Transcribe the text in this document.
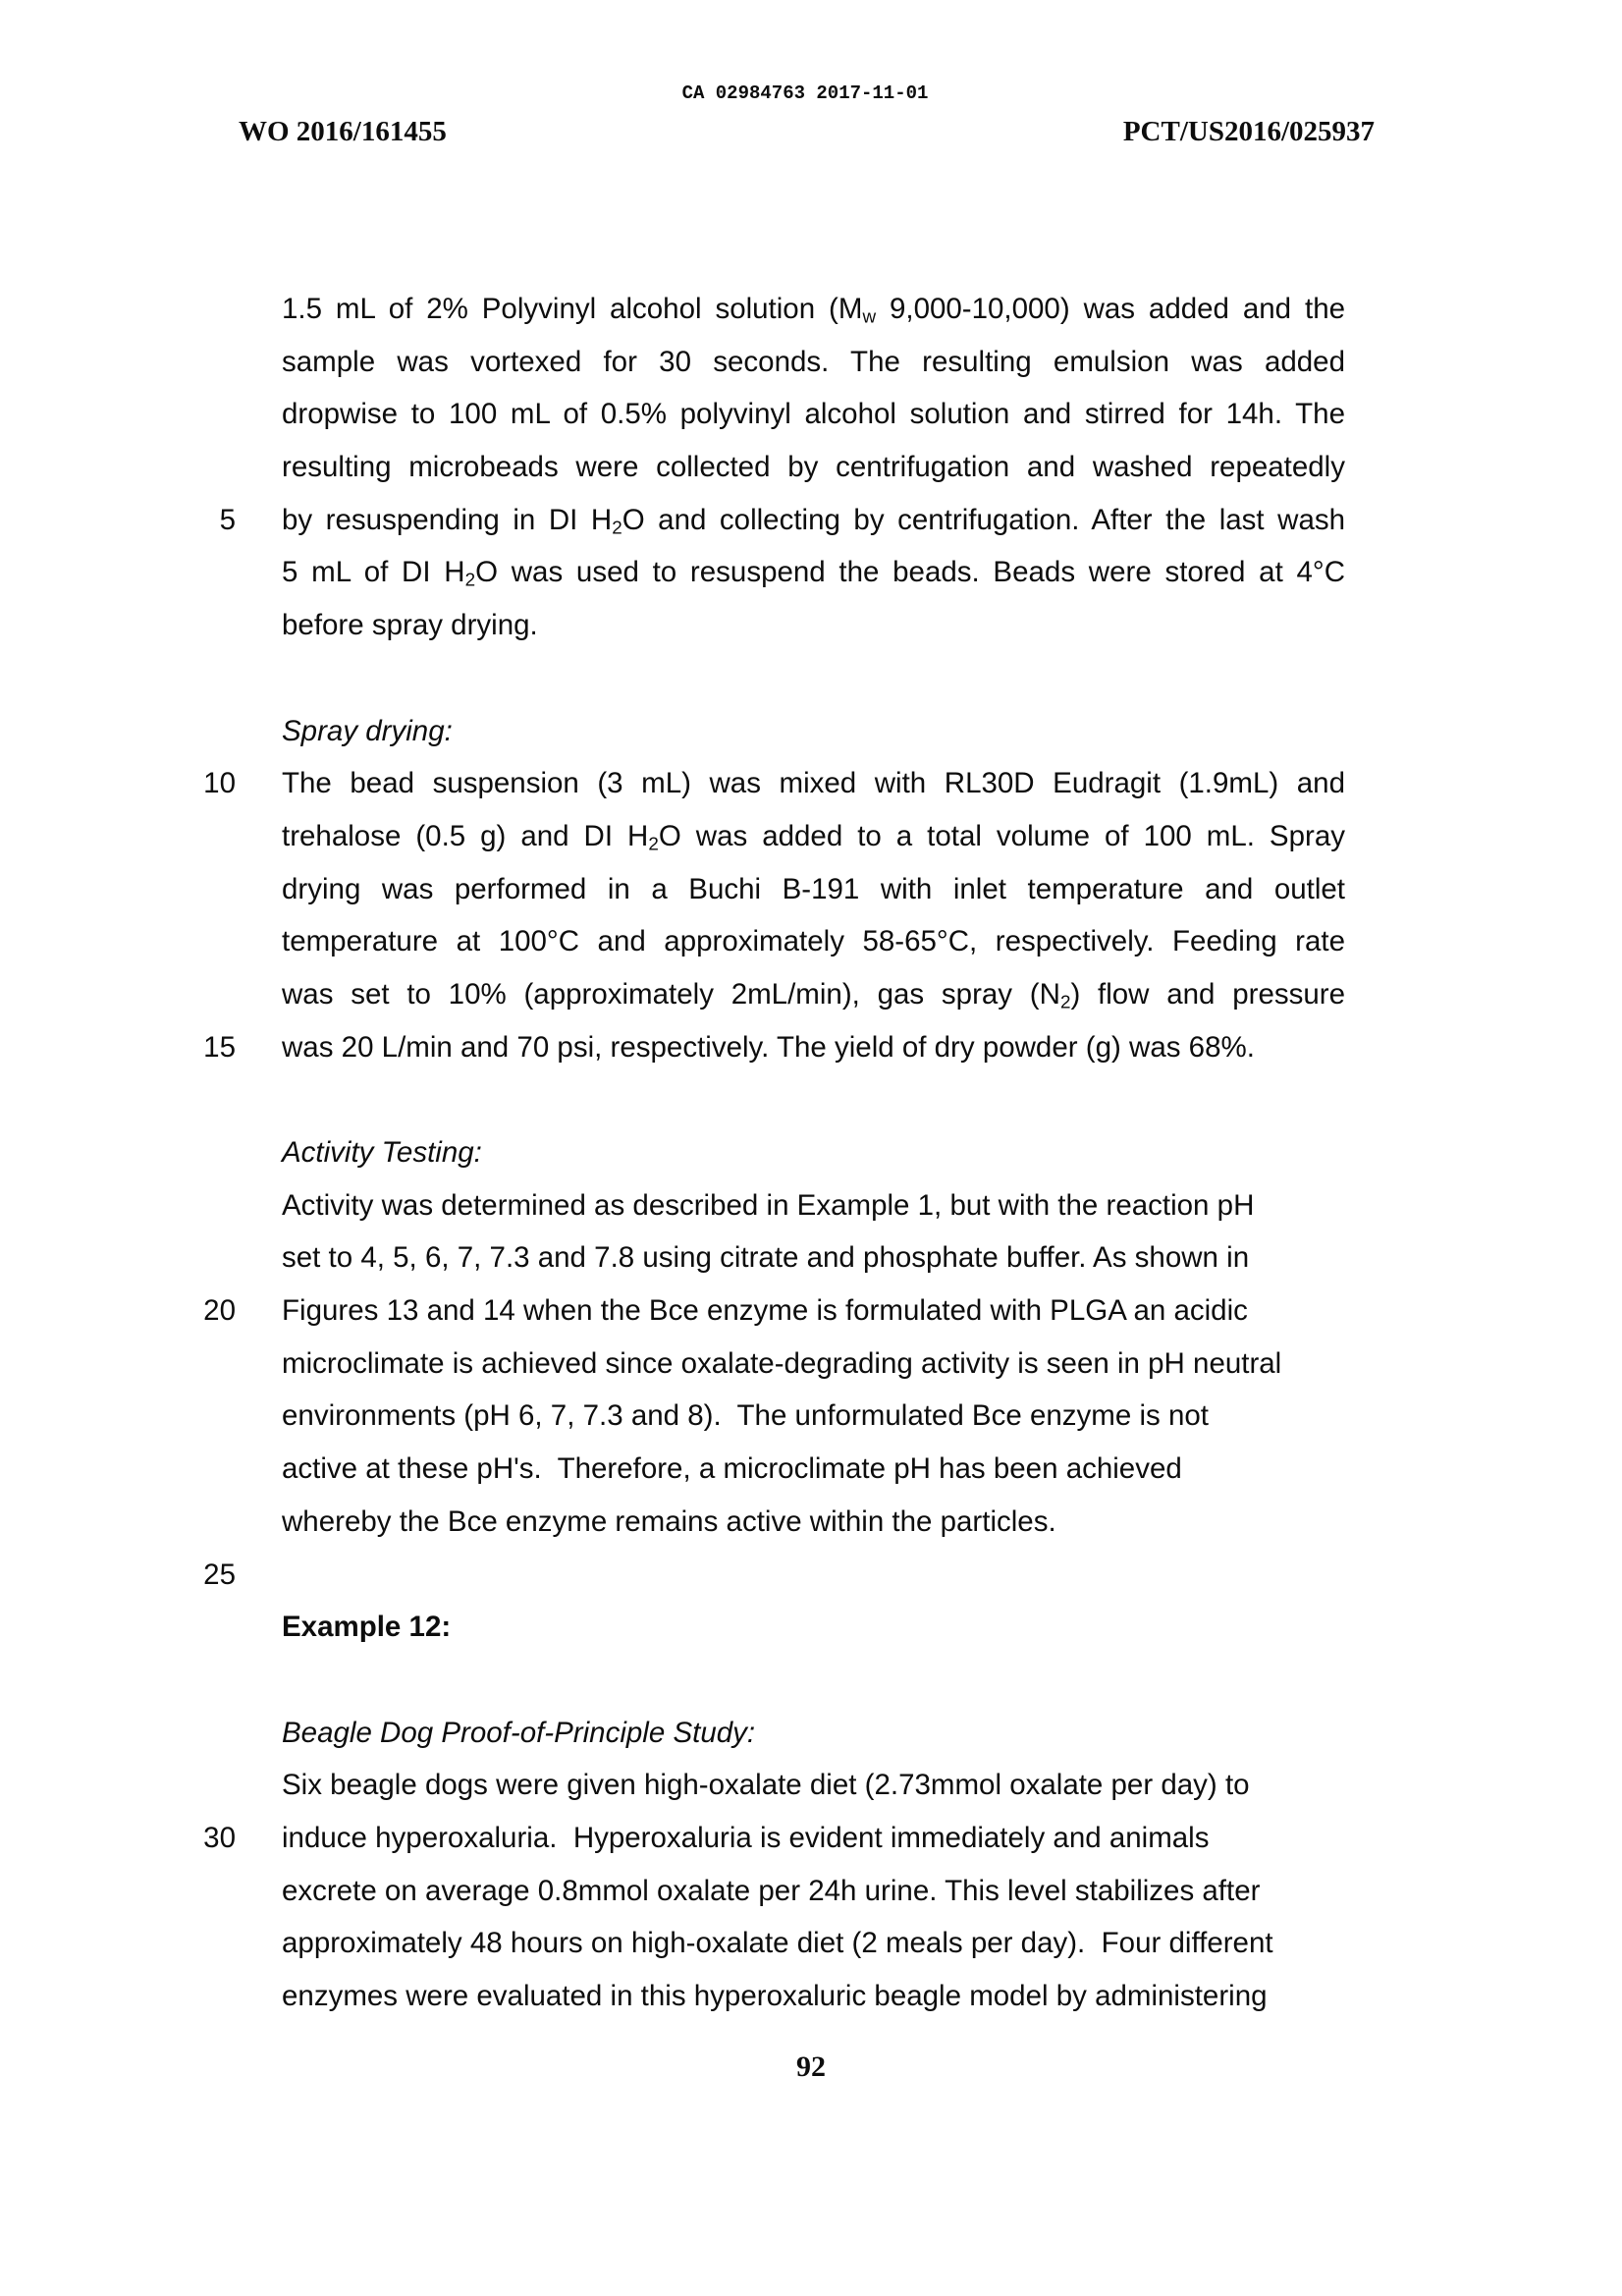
CA 02984763 2017-11-01
WO 2016/161455	PCT/US2016/025937
5
10
15
20
25
30
1.5 mL of 2% Polyvinyl alcohol solution ($M_w$ 9,000-10,000) was added and the
sample was vortexed for 30 seconds. The resulting emulsion was added
dropwise to 100 mL of 0.5% polyvinyl alcohol solution and stirred for 14h. The
resulting microbeads were collected by centrifugation and washed repeatedly
by resuspending in DI $H_2O$ and collecting by centrifugation. After the last wash
5 mL of DI $H_2O$ was used to resuspend the beads. Beads were stored at 4°C
before spray drying.
Spray drying:
The bead suspension (3 mL) was mixed with RL30D Eudragit (1.9mL) and
trehalose (0.5 g) and DI $H_2O$ was added to a total volume of 100 mL. Spray
drying was performed in a Buchi B-191 with inlet temperature and outlet
temperature at 100°C and approximately 58-65°C, respectively. Feeding rate
was set to 10% (approximately 2mL/min), gas spray $(N_2)$ flow and pressure
was 20 L/min and 70 psi, respectively. The yield of dry powder (g) was 68%.
Activity Testing:
Activity was determined as described in Example 1, but with the reaction pH
set to 4, 5, 6, 7, 7.3 and 7.8 using citrate and phosphate buffer. As shown in
Figures 13 and 14 when the Bce enzyme is formulated with PLGA an acidic
microclimate is achieved since oxalate-degrading activity is seen in pH neutral
environments (pH 6, 7, 7.3 and 8).  The unformulated Bce enzyme is not
active at these pH's.  Therefore, a microclimate pH has been achieved
whereby the Bce enzyme remains active within the particles.
Example 12:
Beagle Dog Proof-of-Principle Study:
Six beagle dogs were given high-oxalate diet (2.73mmol oxalate per day) to
induce hyperoxaluria.  Hyperoxaluria is evident immediately and animals
excrete on average 0.8mmol oxalate per 24h urine. This level stabilizes after
approximately 48 hours on high-oxalate diet (2 meals per day).  Four different
enzymes were evaluated in this hyperoxaluric beagle model by administering
92
